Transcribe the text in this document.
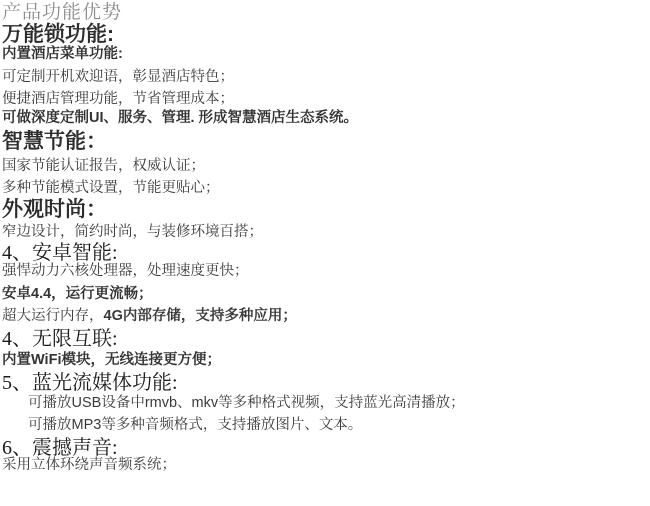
产品功能优势
万能锁功能:
内置酒店菜单功能:
可定制开机欢迎语，彰显酒店特色；
便捷酒店管理功能，节省管理成本；
可做深度定制UI、服务、管理. 形成智慧酒店生态系统。
智慧节能：
国家节能认证报告，权威认证；
多种节能模式设置，节能更贴心；
外观时尚：
窄边设计，简约时尚，与装修环境百搭；
4、安卓智能:
强悍动力六核处理器，处理速度更快；
安卓4.4，运行更流畅；
超大运行内存，4G内部存储，支持多种应用；
4、无限互联:
内置WiFi模块，无线连接更方便；
5、蓝光流媒体功能:
可播放USB设备中rmvb、mkv等多种格式视频，支持蓝光高清播放；
可播放MP3等多种音频格式，支持播放图片、文本。
6、震撼声音:
采用立体环绕声音频系统；
